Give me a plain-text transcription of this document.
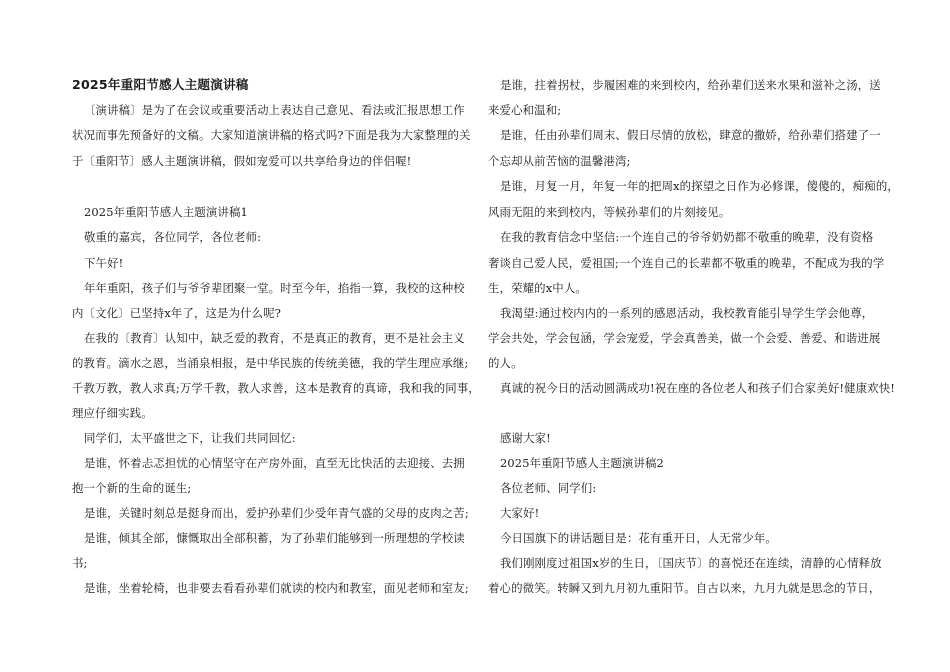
2025年重阳节感人主题演讲稿
〔演讲稿〕是为了在会议或重要活动上表达自己意见、看法或汇报思想工作
状况而事先预备好的文稿。大家知道演讲稿的格式吗?下面是我为大家整理的关
于〔重阳节〕感人主题演讲稿，假如宠爱可以共享给身边的伴侣喔!
2025年重阳节感人主题演讲稿1
敬重的嘉宾，各位同学，各位老师:
下午好!
年年重阳，孩子们与爷爷辈团聚一堂。时至今年，掐指一算，我校的这种校
内〔文化〕已坚持x年了，这是为什么呢?
在我的〔教育〕认知中，缺乏爱的教育，不是真正的教育，更不是社会主义
的教育。滴水之恩，当涌泉相报，是中华民族的传统美德，我的学生理应承继;
千教万教，教人求真;万学千教，教人求善，这本是教育的真谛，我和我的同事，
理应仔细实践。
同学们，太平盛世之下，让我们共同回忆:
是谁，怀着忐忑担忧的心情坚守在产房外面，直至无比快活的去迎接、去拥
抱一个新的生命的诞生;
是谁，关键时刻总是挺身而出，爱护孙辈们少受年青气盛的父母的皮肉之苦;
是谁，倾其全部，慷慨取出全部积蓄，为了孙辈们能够到一所理想的学校读
书;
是谁，坐着轮椅，也非要去看看孙辈们就读的校内和教室，面见老师和室友;
是谁，拄着拐杖，步履困难的来到校内，给孙辈们送来水果和滋补之汤，送
来爱心和温和;
是谁，任由孙辈们周末、假日尽情的放松，肆意的撒娇，给孙辈们搭建了一
个忘却从前苦恼的温馨港湾;
是谁，月复一月，年复一年的把周x的探望之日作为必修课，傻傻的，痴痴的，
风雨无阻的来到校内，等候孙辈们的片刻接见。
在我的教育信念中坚信:一个连自己的爷爷奶奶都不敬重的晚辈，没有资格
奢谈自己爱人民，爱祖国;一个连自己的长辈都不敬重的晚辈，不配成为我的学
生，荣耀的x中人。
我渴望:通过校内内的一系列的感恩活动，我校教育能引导学生学会他尊，
学会共处，学会包涵，学会宠爱，学会真善美，做一个会爱、善爱、和谐进展
的人。
真诚的祝今日的活动圆满成功!祝在座的各位老人和孩子们合家美好!健康欢快!
感谢大家!
2025年重阳节感人主题演讲稿2
各位老师、同学们:
大家好!
今日国旗下的讲话题目是：花有重开日，人无常少年。
我们刚刚度过祖国x岁的生日，〔国庆节〕的喜悦还在连续，清静的心情释放
着心的微笑。转瞬又到九月初九重阳节。自古以来，九月九就是思念的节日，
